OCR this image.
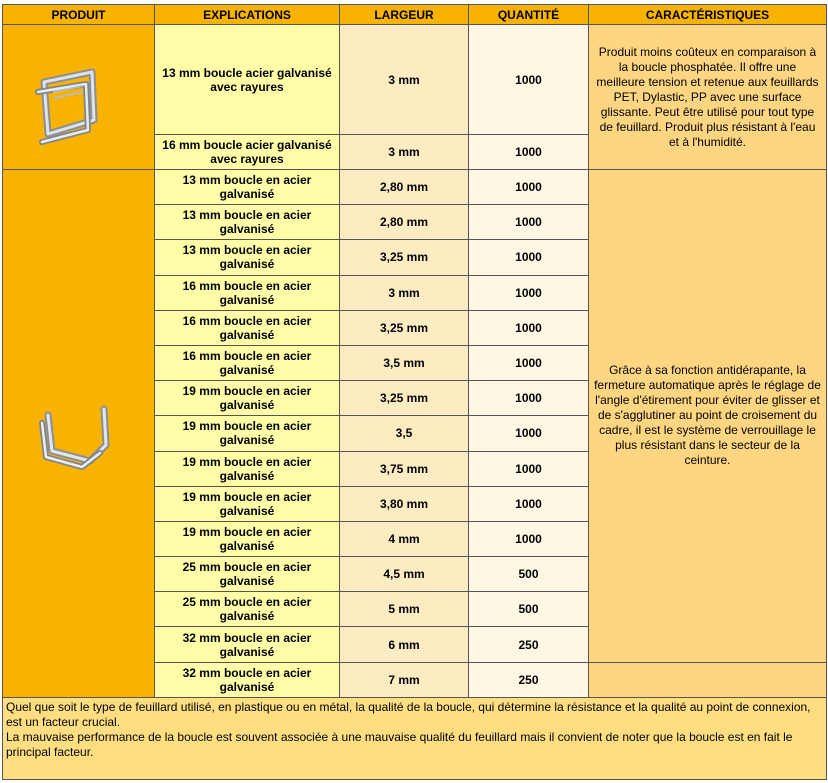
PRODUIT	EXPLICATIONS	LARGEUR	QUANTITÉ	CARACTÉRISTIQUES

	13 mm boucle acier galvanisé avec rayures	3 mm	1000	Produit moins coûteux en comparaison à la boucle phosphatée. Il offre une meilleure tension et retenue aux feuillards PET, Dylastic, PP avec une surface glissante. Peut être utilisé pour tout type de feuillard. Produit plus résistant à l'eau et à l'humidité.
	16 mm boucle acier galvanisé avec rayures	3 mm	1000	

	13 mm boucle en acier galvanisé	2,80 mm	1000	Grâce à sa fonction antidérapante, la fermeture automatique après le réglage de l'angle d'étirement pour éviter de glisser et de s'agglutiner au point de croisement du cadre, il est le système de verrouillage le plus résistant dans le secteur de la ceinture.
	13 mm boucle en acier galvanisé	2,80 mm	1000	
	13 mm boucle en acier galvanisé	3,25 mm	1000	
	16 mm boucle en acier galvanisé	3 mm	1000	
	16 mm boucle en acier galvanisé	3,25 mm	1000	
	16 mm boucle en acier galvanisé	3,5 mm	1000	
	19 mm boucle en acier galvanisé	3,25 mm	1000	
	19 mm boucle en acier galvanisé	3,5	1000	
	19 mm boucle en acier galvanisé	3,75 mm	1000	
	19 mm boucle en acier galvanisé	3,80 mm	1000	
	19 mm boucle en acier galvanisé	4 mm	1000	
	25 mm boucle en acier galvanisé	4,5 mm	500	
	25 mm boucle en acier galvanisé	5 mm	500	
	32 mm boucle en acier galvanisé	6 mm	250	
	32 mm boucle en acier galvanisé	7 mm	250	

Quel que soit le type de feuillard utilisé, en plastique ou en métal, la qualité de la boucle, qui détermine la résistance et la qualité au point de connexion, est un facteur crucial.

La mauvaise performance de la boucle est souvent associée à une mauvaise qualité du feuillard mais il convient de noter que la boucle est en fait le principal facteur.				
